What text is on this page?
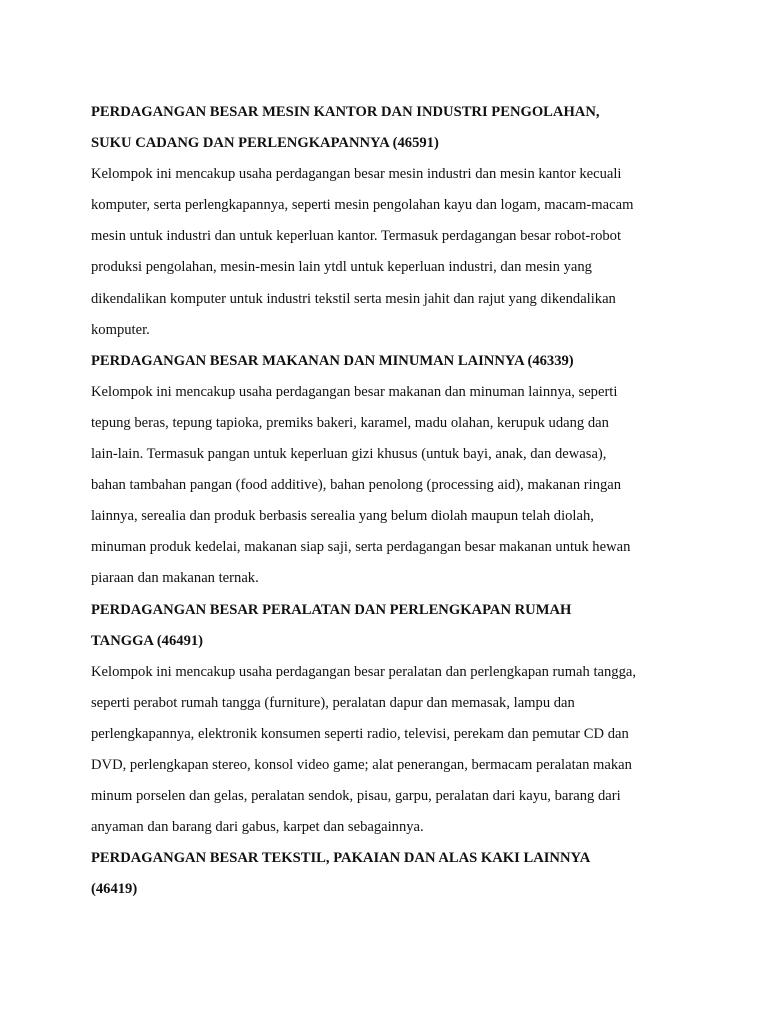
PERDAGANGAN BESAR MESIN KANTOR DAN INDUSTRI PENGOLAHAN,
SUKU CADANG DAN PERLENGKAPANNYA (46591)
Kelompok ini mencakup usaha perdagangan besar mesin industri dan mesin kantor kecuali
komputer, serta perlengkapannya, seperti mesin pengolahan kayu dan logam, macam-macam
mesin untuk industri dan untuk keperluan kantor. Termasuk perdagangan besar robot-robot
produksi pengolahan, mesin-mesin lain ytdl untuk keperluan industri, dan mesin yang
dikendalikan komputer untuk industri tekstil serta mesin jahit dan rajut yang dikendalikan
komputer.
PERDAGANGAN BESAR MAKANAN DAN MINUMAN LAINNYA (46339)
Kelompok ini mencakup usaha perdagangan besar makanan dan minuman lainnya, seperti
tepung beras, tepung tapioka, premiks bakeri, karamel, madu olahan, kerupuk udang dan
lain-lain. Termasuk pangan untuk keperluan gizi khusus (untuk bayi, anak, dan dewasa),
bahan tambahan pangan (food additive), bahan penolong (processing aid), makanan ringan
lainnya, serealia dan produk berbasis serealia yang belum diolah maupun telah diolah,
minuman produk kedelai, makanan siap saji, serta perdagangan besar makanan untuk hewan
piaraan dan makanan ternak.
PERDAGANGAN BESAR PERALATAN DAN PERLENGKAPAN RUMAH
TANGGA (46491)
Kelompok ini mencakup usaha perdagangan besar peralatan dan perlengkapan rumah tangga,
seperti perabot rumah tangga (furniture), peralatan dapur dan memasak, lampu dan
perlengkapannya, elektronik konsumen seperti radio, televisi, perekam dan pemutar CD dan
DVD, perlengkapan stereo, konsol video game; alat penerangan, bermacam peralatan makan
minum porselen dan gelas, peralatan sendok, pisau, garpu, peralatan dari kayu, barang dari
anyaman dan barang dari gabus, karpet dan sebagainnya.
PERDAGANGAN BESAR TEKSTIL, PAKAIAN DAN ALAS KAKI LAINNYA
(46419)
